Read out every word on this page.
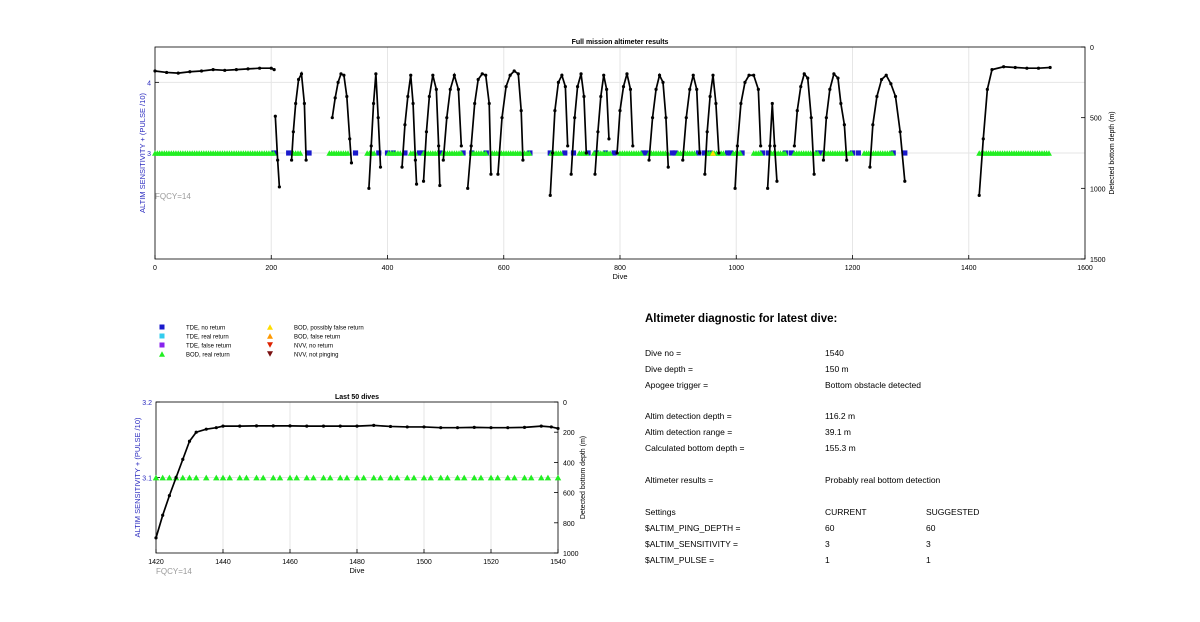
0	200	400	600	800	1000	1200	1400	1600
3
4
0
500
1000
1500
Full mission altimeter results
Dive
ALTIM SENSITIVITY + (PULSE /10)	Detected bottom depth (m)
FQCY=14
TDE, no return
TDE, real return
TDE, false return
BOD, real return
BOD, possibly false return
BOD, false return
NVV, no return
NVV, not pinging
1420	1440	1460	1480	1500	1520	1540
3.1
3.2	0
200
400
600
800
1000
Last 50 dives
Dive
ALTIM SENSITIVITY + (PULSE /10)	Detected bottom depth (m)
FQCY=14
Altimeter diagnostic for latest dive:
Dive no =	1540
Dive depth =	150 m
Apogee trigger =	Bottom obstacle detected
Altim detection depth =	116.2 m
Altim detection range =	39.1 m
Calculated bottom depth =	155.3 m
Altimeter results =	Probably real bottom detection
Settings	CURRENT	SUGGESTED
$ALTIM_PING_DEPTH =	60	60
$ALTIM_SENSITIVITY =	3	3
$ALTIM_PULSE =	1	1
